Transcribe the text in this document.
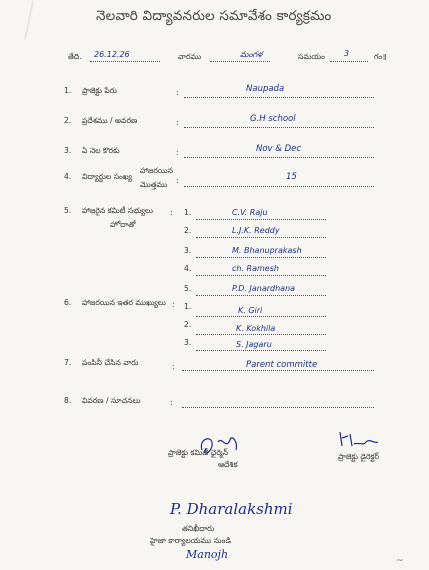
నెలవారి విద్యావనరుల సమావేశం కార్యక్రమం
తేది. 26.12.26	వారము	మంగళ	సమయం 3	గం॥
1. ప్రాజెక్టు పేరు	:	Naupada
2. ప్రదేశము / అవరణ	:	G.H school
3. ఏ నెల కొరకు	:	Nov & Dec
4. విద్యార్థుల సంఖ్య
హాజరయిన
మొత్తము :	15
5. హాజరైన కమిటీ సభ్యులు
హోదాతో
: 1.	C.V. Raju
2.	L.J.K. Reddy
3.	M. Bhanuprakash
4.	ch. Ramesh
5.	P.D. Janardhana
6. హాజరయిన ఇతర ముఖ్యులు : 1.	K. Giri
2.	K. Kokhila
3.	S. Jagaru
7. పంపినీ చేసిన వారు	:	Parent committe
8. వివరణ / సూచనలు	:
ప్రాజెక్టు కమిటీ ఛైర్మెన్
ఆదేశిక
ప్రాజెక్టు డైరెక్టర్
P. Dharalakshmi
తనిఖీదారు
హైజా కార్యాలయము నుండి
Manojh	~
